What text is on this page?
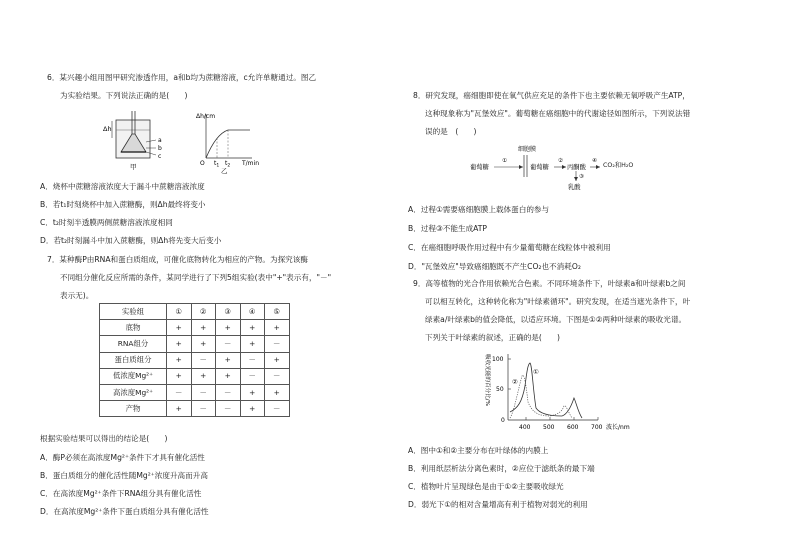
6．某兴趣小组用图甲研究渗透作用，a和b均为蔗糖溶液，c允许单糖通过。图乙
为实验结果。下列说法正确的是(　　)
Δh
a
b
c
甲
Δh/cm
O $t_1$ $t_2$ T/min
乙
A．烧杯中蔗糖溶液浓度大于漏斗中蔗糖溶液浓度
B．若t₁时刻烧杯中加入蔗糖酶，则Δh最终将变小
C．t₂时刻半透膜两侧蔗糖溶液浓度相同
D．若t₂时刻漏斗中加入蔗糖酶，则Δh将先变大后变小
7．某种酶P由RNA和蛋白质组成，可催化底物转化为相应的产物。为探究该酶
不同组分催化反应所需的条件，某同学进行了下列5组实验(表中"+"表示有，"－"
表示无)。
实验组	①	②	③	④	⑤
底物	+	+	+	+	+
RNA组分	+	+	－	+	－
蛋白质组分	+	－	+	－	+
低浓度Mg²⁺	+	+	+	－	－
高浓度Mg²⁺	－	－	－	+	+
产物	+	－	－	+	－
根据实验结果可以得出的结论是(　　)
A．酶P必须在高浓度Mg²⁺条件下才具有催化活性
B．蛋白质组分的催化活性随Mg²⁺浓度升高而升高
C．在高浓度Mg²⁺条件下RNA组分具有催化活性
D．在高浓度Mg²⁺条件下蛋白质组分具有催化活性
8．研究发现，癌细胞即使在氧气供应充足的条件下也主要依赖无氧呼吸产生ATP，
这种现象称为"瓦堡效应"。葡萄糖在癌细胞中的代谢途径如图所示，下列说法错
误的是　(　　)
细胞膜
葡萄糖
①
葡萄糖
②
丙酮酸
④
③
乳酸
CO₂和H₂O
A．过程①需要癌细胞膜上载体蛋白的参与
B．过程③不能生成ATP
C．在癌细胞呼吸作用过程中有少量葡萄糖在线粒体中被利用
D．"瓦堡效应"导致癌细胞既不产生CO₂也不消耗O₂
9．高等植物的光合作用依赖光合色素。不同环境条件下，叶绿素a和叶绿素b之间
可以相互转化，这种转化称为"叶绿素循环"。研究发现，在适当遮光条件下，叶
绿素a/叶绿素b的值会降低，以适应环境。下图是①②两种叶绿素的吸收光谱。
下列关于叶绿素的叙述，正确的是(　　)
吸收光能的百分比/% 100
50
0
①
②
400 500 600 700 波长/nm
A．图中①和②主要分布在叶绿体的内膜上
B．利用纸层析法分离色素时，②应位于滤纸条的最下端
C．植物叶片呈现绿色是由于①②主要吸收绿光
D．弱光下①的相对含量增高有利于植物对弱光的利用
